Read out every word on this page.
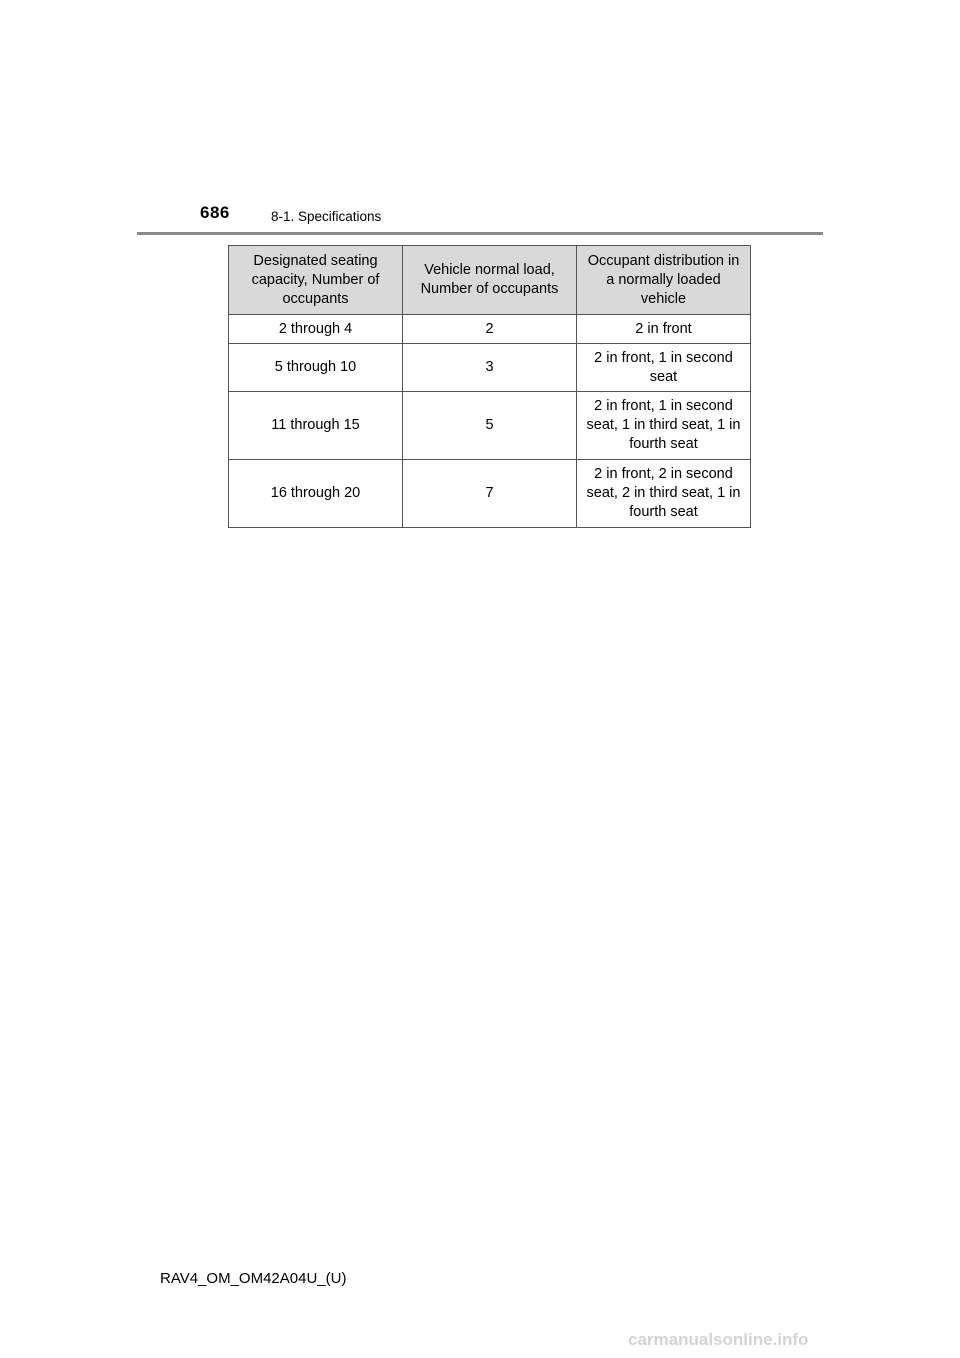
686	8-1. Specifications
Designated seating capacity, Number of occupants	Vehicle normal load, Number of occupants	Occupant distribution in a normally loaded vehicle
2 through 4	2	2 in front
5 through 10	3	2 in front, 1 in second seat
11 through 15	5	2 in front, 1 in second seat, 1 in third seat, 1 in fourth seat
16 through 20	7	2 in front, 2 in second seat, 2 in third seat, 1 in fourth seat
RAV4_OM_OM42A04U_(U)
carmanualsonline.info
